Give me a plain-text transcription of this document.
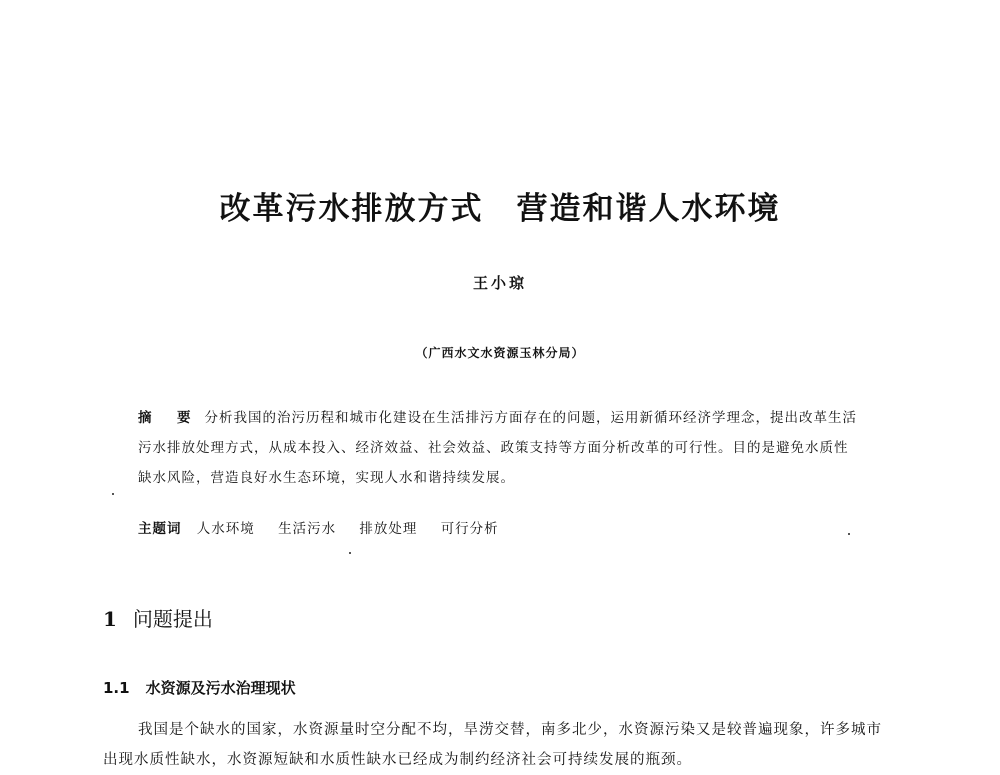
改革污水排放方式　营造和谐人水环境
王小琼
（广西水文水资源玉林分局）
摘　要 分析我国的治污历程和城市化建设在生活排污方面存在的问题，运用新循环经济学理念，提出改革生活污水排放处理方式，从成本投入、经济效益、社会效益、政策支持等方面分析改革的可行性。目的是避免水质性缺水风险，营造良好水生态环境，实现人水和谐持续发展。
主题词 人水环境 生活污水 排放处理 可行分析
1 问题提出
1.1 水资源及污水治理现状
我国是个缺水的国家，水资源量时空分配不均，旱涝交替，南多北少，水资源污染又是较普遍现象，许多城市出现水质性缺水，水资源短缺和水质性缺水已经成为制约经济社会可持续发展的瓶颈。
